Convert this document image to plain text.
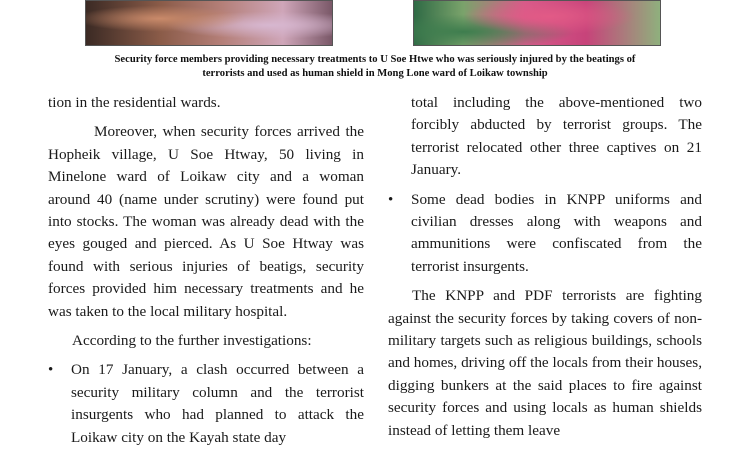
Security force members providing necessary treatments to U Soe Htwe who was seriously injured by the beatings of
terrorists and used as human shield in Mong Lone ward of Loikaw township

tion in the residential wards.

Moreover, when security forces arrived the Hopheik village, U Soe Htway, 50 living in Minelone ward of Loikaw city and a woman around 40 (name under scrutiny) were found put into stocks. The woman was already dead with the eyes gouged and pierced. As U Soe Htway was found with serious injuries of beatigs, security forces provided him necessary treatments and he was taken to the local military hospital.

According to the further investigations:

• On 17 January, a clash occurred between a security military column and the terrorist insurgents who had planned to attack the Loikaw city on the Kayah state day

total including the above-mentioned two forcibly abducted by terrorist groups. The terrorist relocated other three captives on 21 January.

• Some dead bodies in KNPP uniforms and civilian dresses along with weapons and ammunitions were confiscated from the terrorist insurgents.

The KNPP and PDF terrorists are fighting against the security forces by taking covers of non-military targets such as religious buildings, schools and homes, driving off the locals from their houses, digging bunkers at the said places to fire against security forces and using locals as human shields instead of letting them leave
